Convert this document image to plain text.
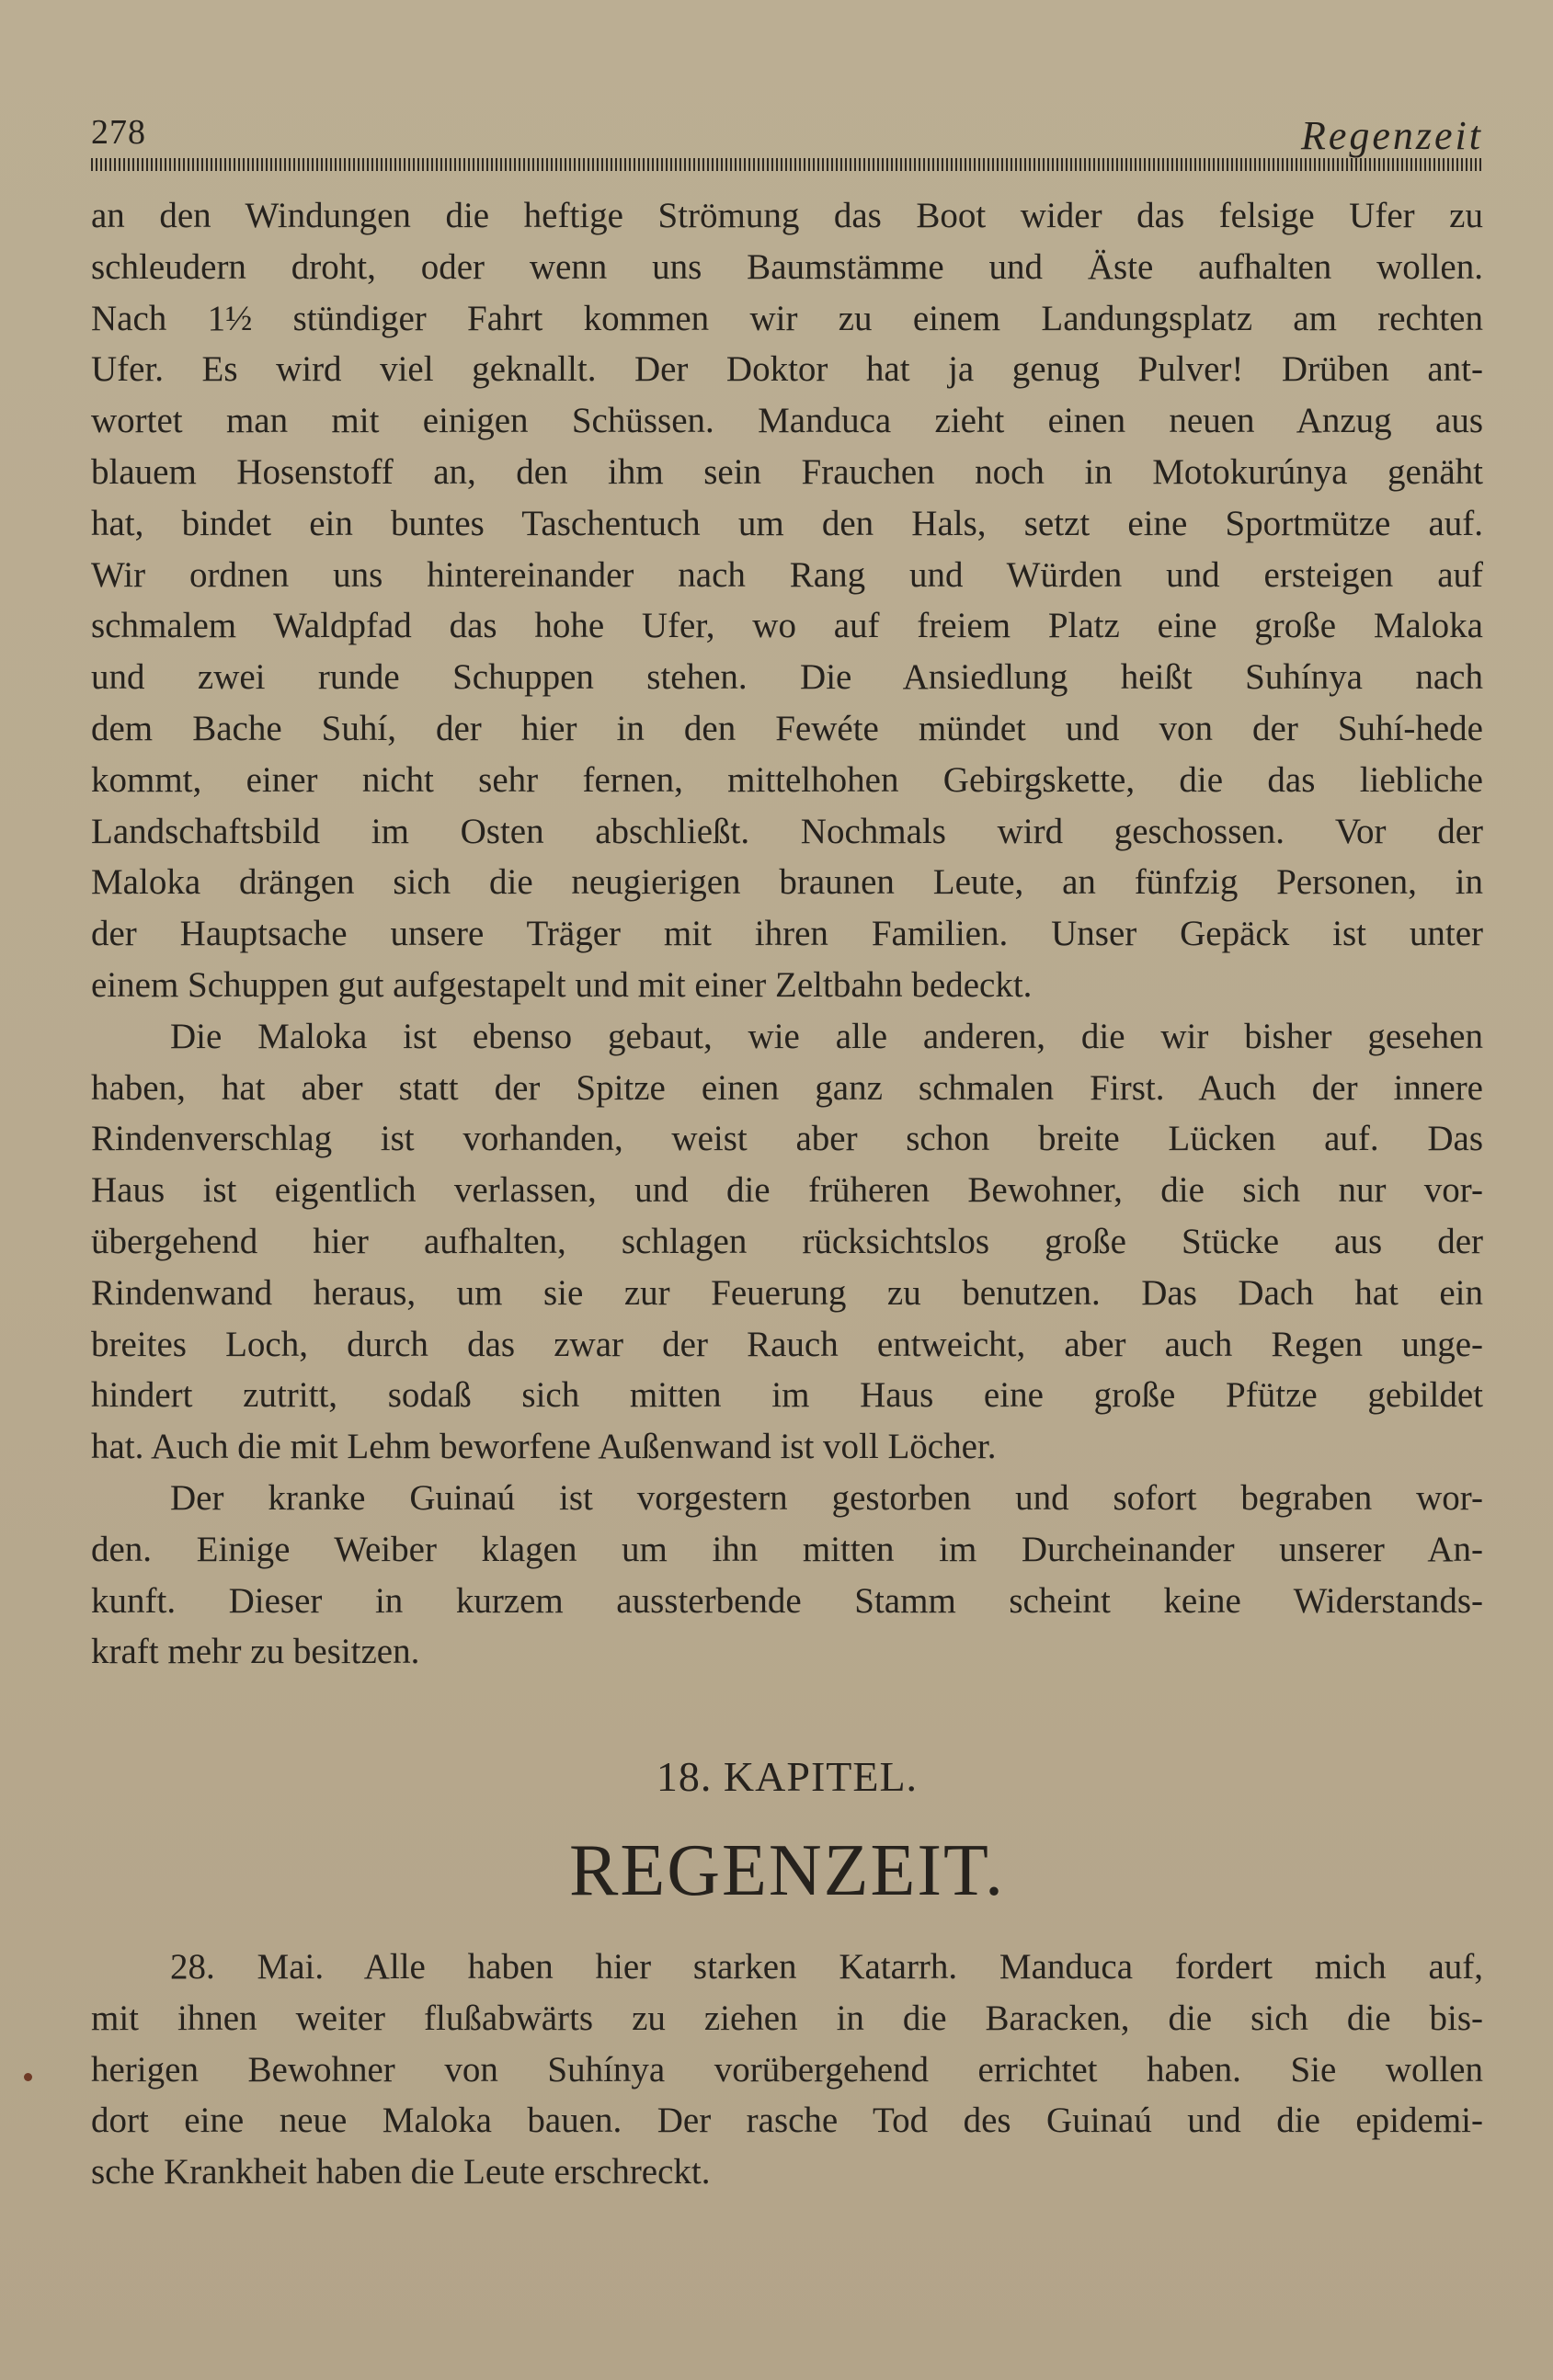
278	Regenzeit

an den Windungen die heftige Strömung das Boot wider das felsige Ufer zu
schleudern droht, oder wenn uns Baumstämme und Äste aufhalten wollen.
Nach 1½ stündiger Fahrt kommen wir zu einem Landungsplatz am rechten
Ufer. Es wird viel geknallt. Der Doktor hat ja genug Pulver! Drüben ant-
wortet man mit einigen Schüssen. Manduca zieht einen neuen Anzug aus
blauem Hosenstoff an, den ihm sein Frauchen noch in Motokurúnya genäht
hat, bindet ein buntes Taschentuch um den Hals, setzt eine Sportmütze auf.
Wir ordnen uns hintereinander nach Rang und Würden und ersteigen auf
schmalem Waldpfad das hohe Ufer, wo auf freiem Platz eine große Maloka
und zwei runde Schuppen stehen. Die Ansiedlung heißt Suhínya nach
dem Bache Suhí, der hier in den Fewéte mündet und von der Suhí-hede
kommt, einer nicht sehr fernen, mittelhohen Gebirgskette, die das liebliche
Landschaftsbild im Osten abschließt. Nochmals wird geschossen. Vor der
Maloka drängen sich die neugierigen braunen Leute, an fünfzig Personen, in
der Hauptsache unsere Träger mit ihren Familien. Unser Gepäck ist unter
einem Schuppen gut aufgestapelt und mit einer Zeltbahn bedeckt.

Die Maloka ist ebenso gebaut, wie alle anderen, die wir bisher gesehen
haben, hat aber statt der Spitze einen ganz schmalen First. Auch der innere
Rindenverschlag ist vorhanden, weist aber schon breite Lücken auf. Das
Haus ist eigentlich verlassen, und die früheren Bewohner, die sich nur vor-
übergehend hier aufhalten, schlagen rücksichtslos große Stücke aus der
Rindenwand heraus, um sie zur Feuerung zu benutzen. Das Dach hat ein
breites Loch, durch das zwar der Rauch entweicht, aber auch Regen unge-
hindert zutritt, sodaß sich mitten im Haus eine große Pfütze gebildet
hat. Auch die mit Lehm beworfene Außenwand ist voll Löcher.

Der kranke Guinaú ist vorgestern gestorben und sofort begraben wor-
den. Einige Weiber klagen um ihn mitten im Durcheinander unserer An-
kunft. Dieser in kurzem aussterbende Stamm scheint keine Widerstands-
kraft mehr zu besitzen.

18. KAPITEL.
REGENZEIT.

28. Mai. Alle haben hier starken Katarrh. Manduca fordert mich auf,
mit ihnen weiter flußabwärts zu ziehen in die Baracken, die sich die bis-
herigen Bewohner von Suhínya vorübergehend errichtet haben. Sie wollen
dort eine neue Maloka bauen. Der rasche Tod des Guinaú und die epidemi-
sche Krankheit haben die Leute erschreckt.
